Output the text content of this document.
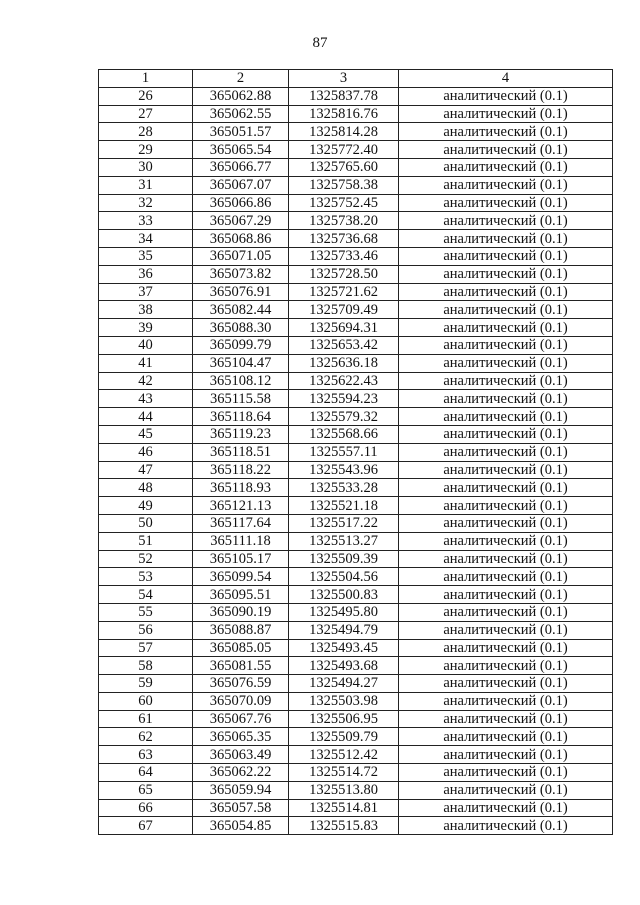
87
1	2	3	4
26	365062.88	1325837.78	аналитический (0.1)
27	365062.55	1325816.76	аналитический (0.1)
28	365051.57	1325814.28	аналитический (0.1)
29	365065.54	1325772.40	аналитический (0.1)
30	365066.77	1325765.60	аналитический (0.1)
31	365067.07	1325758.38	аналитический (0.1)
32	365066.86	1325752.45	аналитический (0.1)
33	365067.29	1325738.20	аналитический (0.1)
34	365068.86	1325736.68	аналитический (0.1)
35	365071.05	1325733.46	аналитический (0.1)
36	365073.82	1325728.50	аналитический (0.1)
37	365076.91	1325721.62	аналитический (0.1)
38	365082.44	1325709.49	аналитический (0.1)
39	365088.30	1325694.31	аналитический (0.1)
40	365099.79	1325653.42	аналитический (0.1)
41	365104.47	1325636.18	аналитический (0.1)
42	365108.12	1325622.43	аналитический (0.1)
43	365115.58	1325594.23	аналитический (0.1)
44	365118.64	1325579.32	аналитический (0.1)
45	365119.23	1325568.66	аналитический (0.1)
46	365118.51	1325557.11	аналитический (0.1)
47	365118.22	1325543.96	аналитический (0.1)
48	365118.93	1325533.28	аналитический (0.1)
49	365121.13	1325521.18	аналитический (0.1)
50	365117.64	1325517.22	аналитический (0.1)
51	365111.18	1325513.27	аналитический (0.1)
52	365105.17	1325509.39	аналитический (0.1)
53	365099.54	1325504.56	аналитический (0.1)
54	365095.51	1325500.83	аналитический (0.1)
55	365090.19	1325495.80	аналитический (0.1)
56	365088.87	1325494.79	аналитический (0.1)
57	365085.05	1325493.45	аналитический (0.1)
58	365081.55	1325493.68	аналитический (0.1)
59	365076.59	1325494.27	аналитический (0.1)
60	365070.09	1325503.98	аналитический (0.1)
61	365067.76	1325506.95	аналитический (0.1)
62	365065.35	1325509.79	аналитический (0.1)
63	365063.49	1325512.42	аналитический (0.1)
64	365062.22	1325514.72	аналитический (0.1)
65	365059.94	1325513.80	аналитический (0.1)
66	365057.58	1325514.81	аналитический (0.1)
67	365054.85	1325515.83	аналитический (0.1)
